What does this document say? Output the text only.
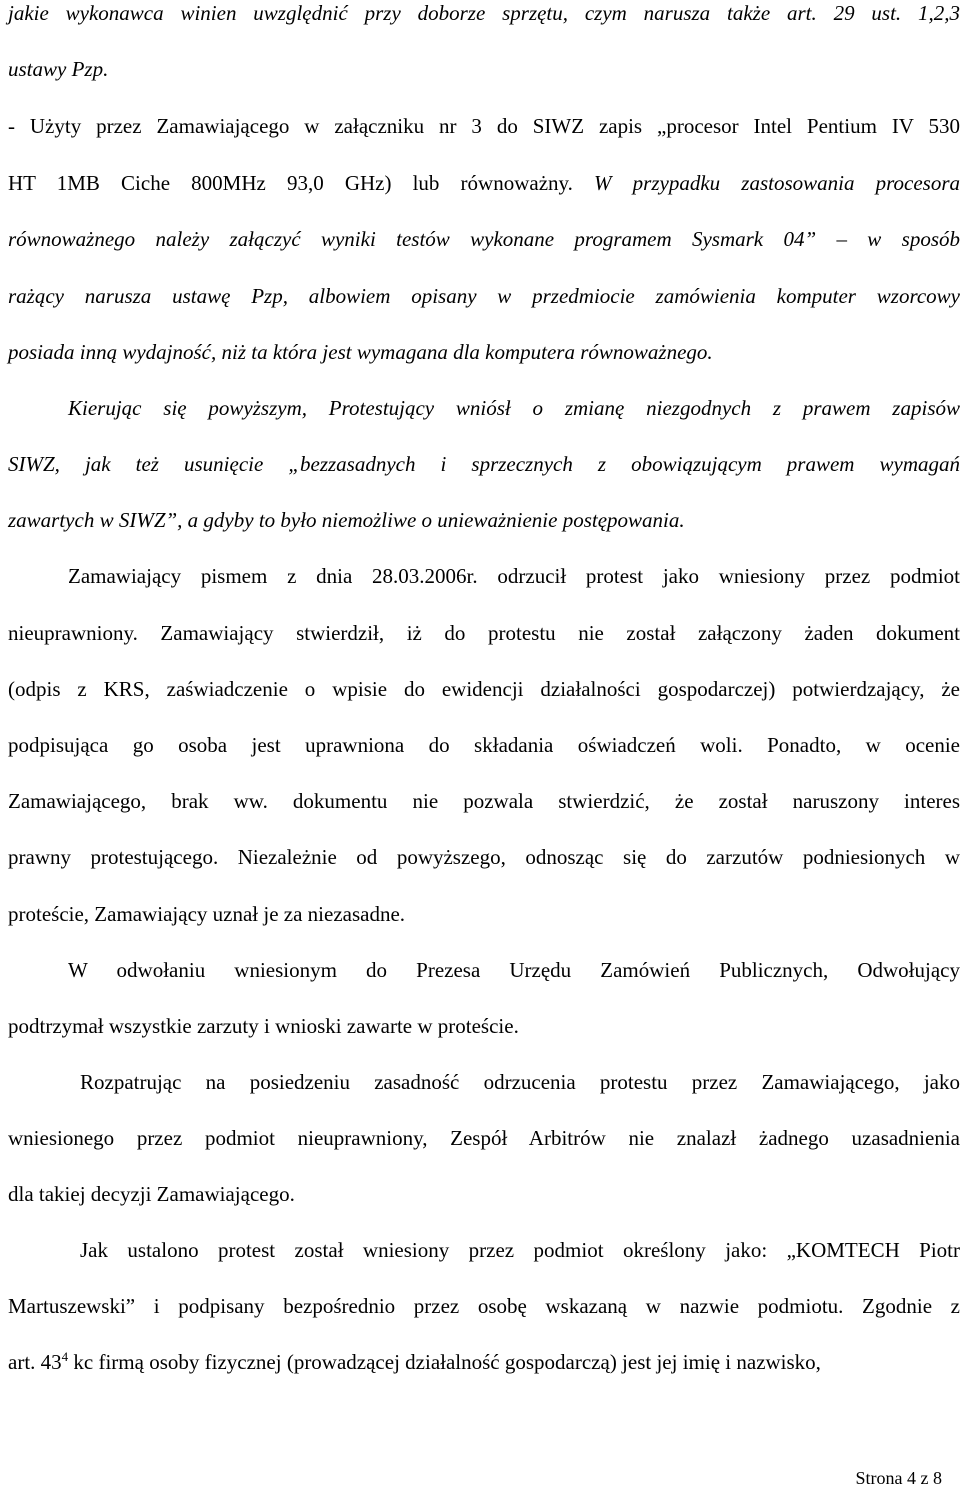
jakie wykonawca winien uwzględnić przy doborze sprzętu, czym narusza także art. 29 ust. 1,2,3
ustawy Pzp.
- Użyty przez Zamawiającego w załączniku nr 3 do SIWZ zapis „procesor Intel Pentium IV 530
HT 1MB Ciche 800MHz 93,0 GHz) lub równoważny. W przypadku zastosowania procesora
równoważnego należy załączyć wyniki testów wykonane programem Sysmark 04” – w sposób
rażący narusza ustawę Pzp, albowiem opisany w przedmiocie zamówienia komputer wzorcowy
posiada inną wydajność, niż ta która jest wymagana dla komputera równoważnego.
Kierując się powyższym, Protestujący wniósł o zmianę niezgodnych z prawem zapisów
SIWZ, jak też usunięcie „bezzasadnych i sprzecznych z obowiązującym prawem wymagań
zawartych w SIWZ”, a gdyby to było niemożliwe o unieważnienie postępowania.
Zamawiający pismem z dnia 28.03.2006r. odrzucił protest jako wniesiony przez podmiot
nieuprawniony. Zamawiający stwierdził, iż do protestu nie został załączony żaden dokument
(odpis z KRS, zaświadczenie o wpisie do ewidencji działalności gospodarczej) potwierdzający, że
podpisująca go osoba jest uprawniona do składania oświadczeń woli. Ponadto, w ocenie
Zamawiającego, brak ww. dokumentu nie pozwala stwierdzić, że został naruszony interes
prawny protestującego. Niezależnie od powyższego, odnosząc się do zarzutów podniesionych w
proteście, Zamawiający uznał je za niezasadne.
W odwołaniu wniesionym do Prezesa Urzędu Zamówień Publicznych, Odwołujący
podtrzymał wszystkie zarzuty i wnioski zawarte w proteście.
Rozpatrując na posiedzeniu zasadność odrzucenia protestu przez Zamawiającego, jako
wniesionego przez podmiot nieuprawniony, Zespół Arbitrów nie znalazł żadnego uzasadnienia
dla takiej decyzji Zamawiającego.
Jak ustalono protest został wniesiony przez podmiot określony jako: „KOMTECH Piotr
Martuszewski” i podpisany bezpośrednio przez osobę wskazaną w nazwie podmiotu. Zgodnie z
art. $43^4$ kc firmą osoby fizycznej (prowadzącej działalność gospodarczą) jest jej imię i nazwisko,
Strona 4 z 8
